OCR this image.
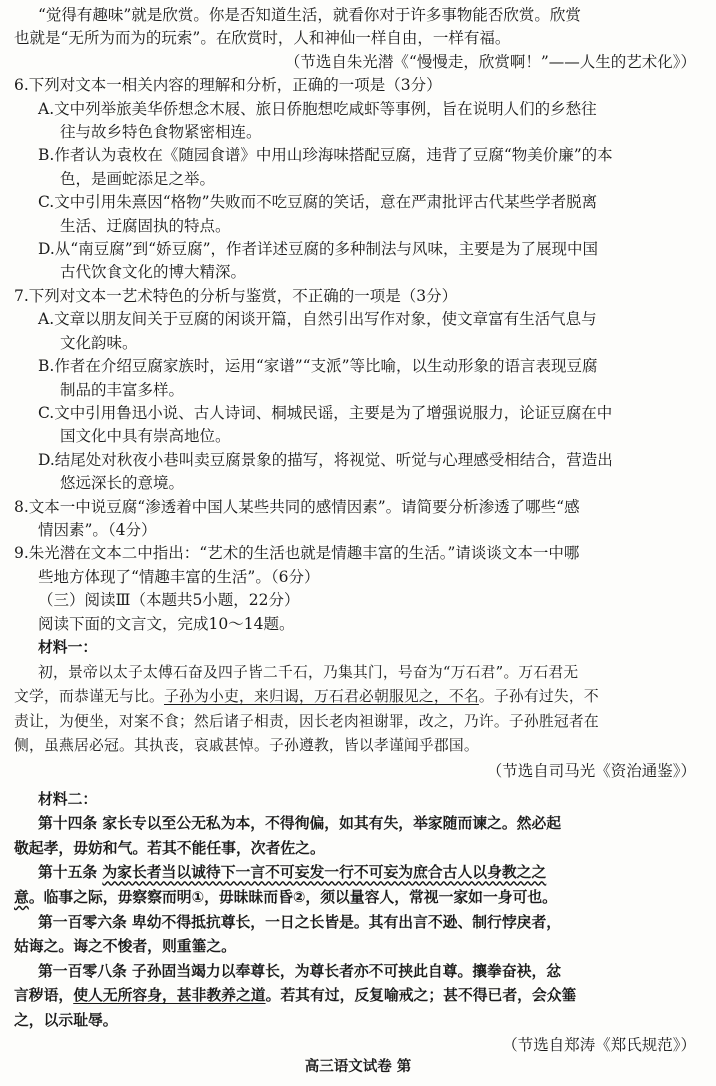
“觉得有趣味”就是欣赏。你是否知道生活，就看你对于许多事物能否欣赏。欣赏
也就是“无所为而为的玩索”。在欣赏时，人和神仙一样自由，一样有福。
（节选自朱光潜《“慢慢走，欣赏啊！”——人生的艺术化》）
6.下列对文本一相关内容的理解和分析，正确的一项是（3分）
A.文中列举旅美华侨想念木屐、旅日侨胞想吃咸虾等事例，旨在说明人们的乡愁往
往与故乡特色食物紧密相连。
B.作者认为袁枚在《随园食谱》中用山珍海味搭配豆腐，违背了豆腐“物美价廉”的本
色，是画蛇添足之举。
C.文中引用朱熹因“格物”失败而不吃豆腐的笑话，意在严肃批评古代某些学者脱离
生活、迂腐固执的特点。
D.从“南豆腐”到“娇豆腐”，作者详述豆腐的多种制法与风味，主要是为了展现中国
古代饮食文化的博大精深。
7.下列对文本一艺术特色的分析与鉴赏，不正确的一项是（3分）
A.文章以朋友间关于豆腐的闲谈开篇，自然引出写作对象，使文章富有生活气息与
文化韵味。
B.作者在介绍豆腐家族时，运用“家谱”“支派”等比喻，以生动形象的语言表现豆腐
制品的丰富多样。
C.文中引用鲁迅小说、古人诗词、桐城民谣，主要是为了增强说服力，论证豆腐在中
国文化中具有崇高地位。
D.结尾处对秋夜小巷叫卖豆腐景象的描写，将视觉、听觉与心理感受相结合，营造出
悠远深长的意境。
8.文本一中说豆腐“渗透着中国人某些共同的感情因素”。请简要分析渗透了哪些“感
情因素”。（4分）
9.朱光潜在文本二中指出：“艺术的生活也就是情趣丰富的生活。”请谈谈文本一中哪
些地方体现了“情趣丰富的生活”。（6分）
（三）阅读Ⅲ（本题共5小题，22分）
阅读下面的文言文，完成10～14题。
材料一：
初，景帝以太子太傅石奋及四子皆二千石，乃集其门，号奋为“万石君”。万石君无
文学，而恭谨无与比。子孙为小吏，来归谒，万石君必朝服见之，不名。子孙有过失，不
责让，为便坐，对案不食；然后诸子相责，因长老肉袒谢罪，改之，乃许。子孙胜冠者在
侧，虽燕居必冠。其执丧，哀戚甚悼。子孙遵教，皆以孝谨闻乎郡国。
（节选自司马光《资治通鉴》）
材料二：
第十四条 家长专以至公无私为本，不得徇偏，如其有失，举家随而谏之。然必起
敬起孝，毋妨和气。若其不能任事，次者佐之。
第十五条 为家长者当以诚待下一言不可妄发一行不可妄为庶合古人以身教之之
意。临事之际，毋察察而明①，毋昧昧而昏②，须以量容人，常视一家如一身可也。
第一百零六条 卑幼不得抵抗尊长，一日之长皆是。其有出言不逊、制行悖戾者，
姑诲之。诲之不悛者，则重箠之。
第一百零八条 子孙固当竭力以奉尊长，为尊长者亦不可挟此自尊。攘拳奋袂，忿
言秽语，使人无所容身，甚非教养之道。若其有过，反复喻戒之；甚不得已者，会众箠
之，以示耻辱。
（节选自郑涛《郑氏规范》）
高三语文试卷 第
